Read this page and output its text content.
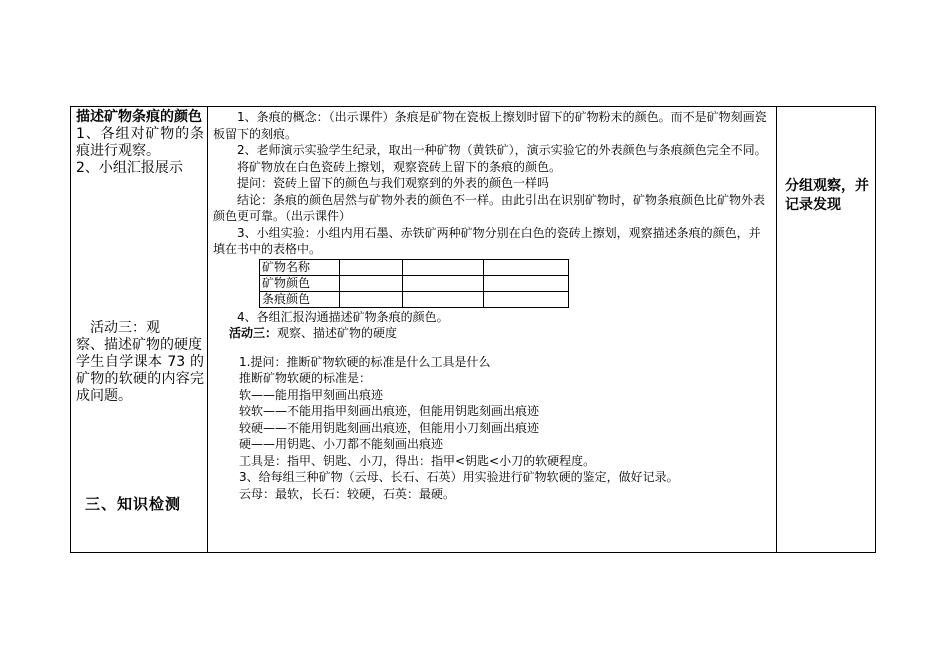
描述矿物条痕的颜色

1、各组对矿物的条痕进行观察。

2、小组汇报展示

活动三：观

察、描述矿物的硬度

学生自学课本 73 的矿物的软硬的内容完成问题。

三、知识检测

1、条痕的概念：（出示课件）条痕是矿物在瓷板上擦划时留下的矿物粉末的颜色。而不是矿物刻画瓷板留下的刻痕。

2、老师演示实验学生纪录，取出一种矿物（黄铁矿），演示实验它的外表颜色与条痕颜色完全不同。

将矿物放在白色瓷砖上擦划，观察瓷砖上留下的条痕的颜色。

提问：瓷砖上留下的颜色与我们观察到的外表的颜色一样吗

结论：条痕的颜色居然与矿物外表的颜色不一样。由此引出在识别矿物时，矿物条痕颜色比矿物外表颜色更可靠。（出示课件）

3、小组实验：小组内用石墨、赤铁矿两种矿物分别在白色的瓷砖上擦划，观察描述条痕的颜色，并填在书中的表格中。

矿物名称			
矿物颜色			
条痕颜色			

4、各组汇报沟通描述矿物条痕的颜色。

活动三：观察、描述矿物的硬度

1.提问：推断矿物软硬的标准是什么工具是什么

推断矿物软硬的标准是：

软——能用指甲刻画出痕迹

较软——不能用指甲刻画出痕迹，但能用钥匙刻画出痕迹

较硬——不能用钥匙刻画出痕迹，但能用小刀刻画出痕迹

硬——用钥匙、小刀都不能刻画出痕迹

工具是：指甲、钥匙、小刀，得出：指甲<钥匙<小刀的软硬程度。

3、给每组三种矿物（云母、长石、石英）用实验进行矿物软硬的鉴定，做好记录。

云母：最软，长石：较硬，石英：最硬。

分组观察，并记录发现
